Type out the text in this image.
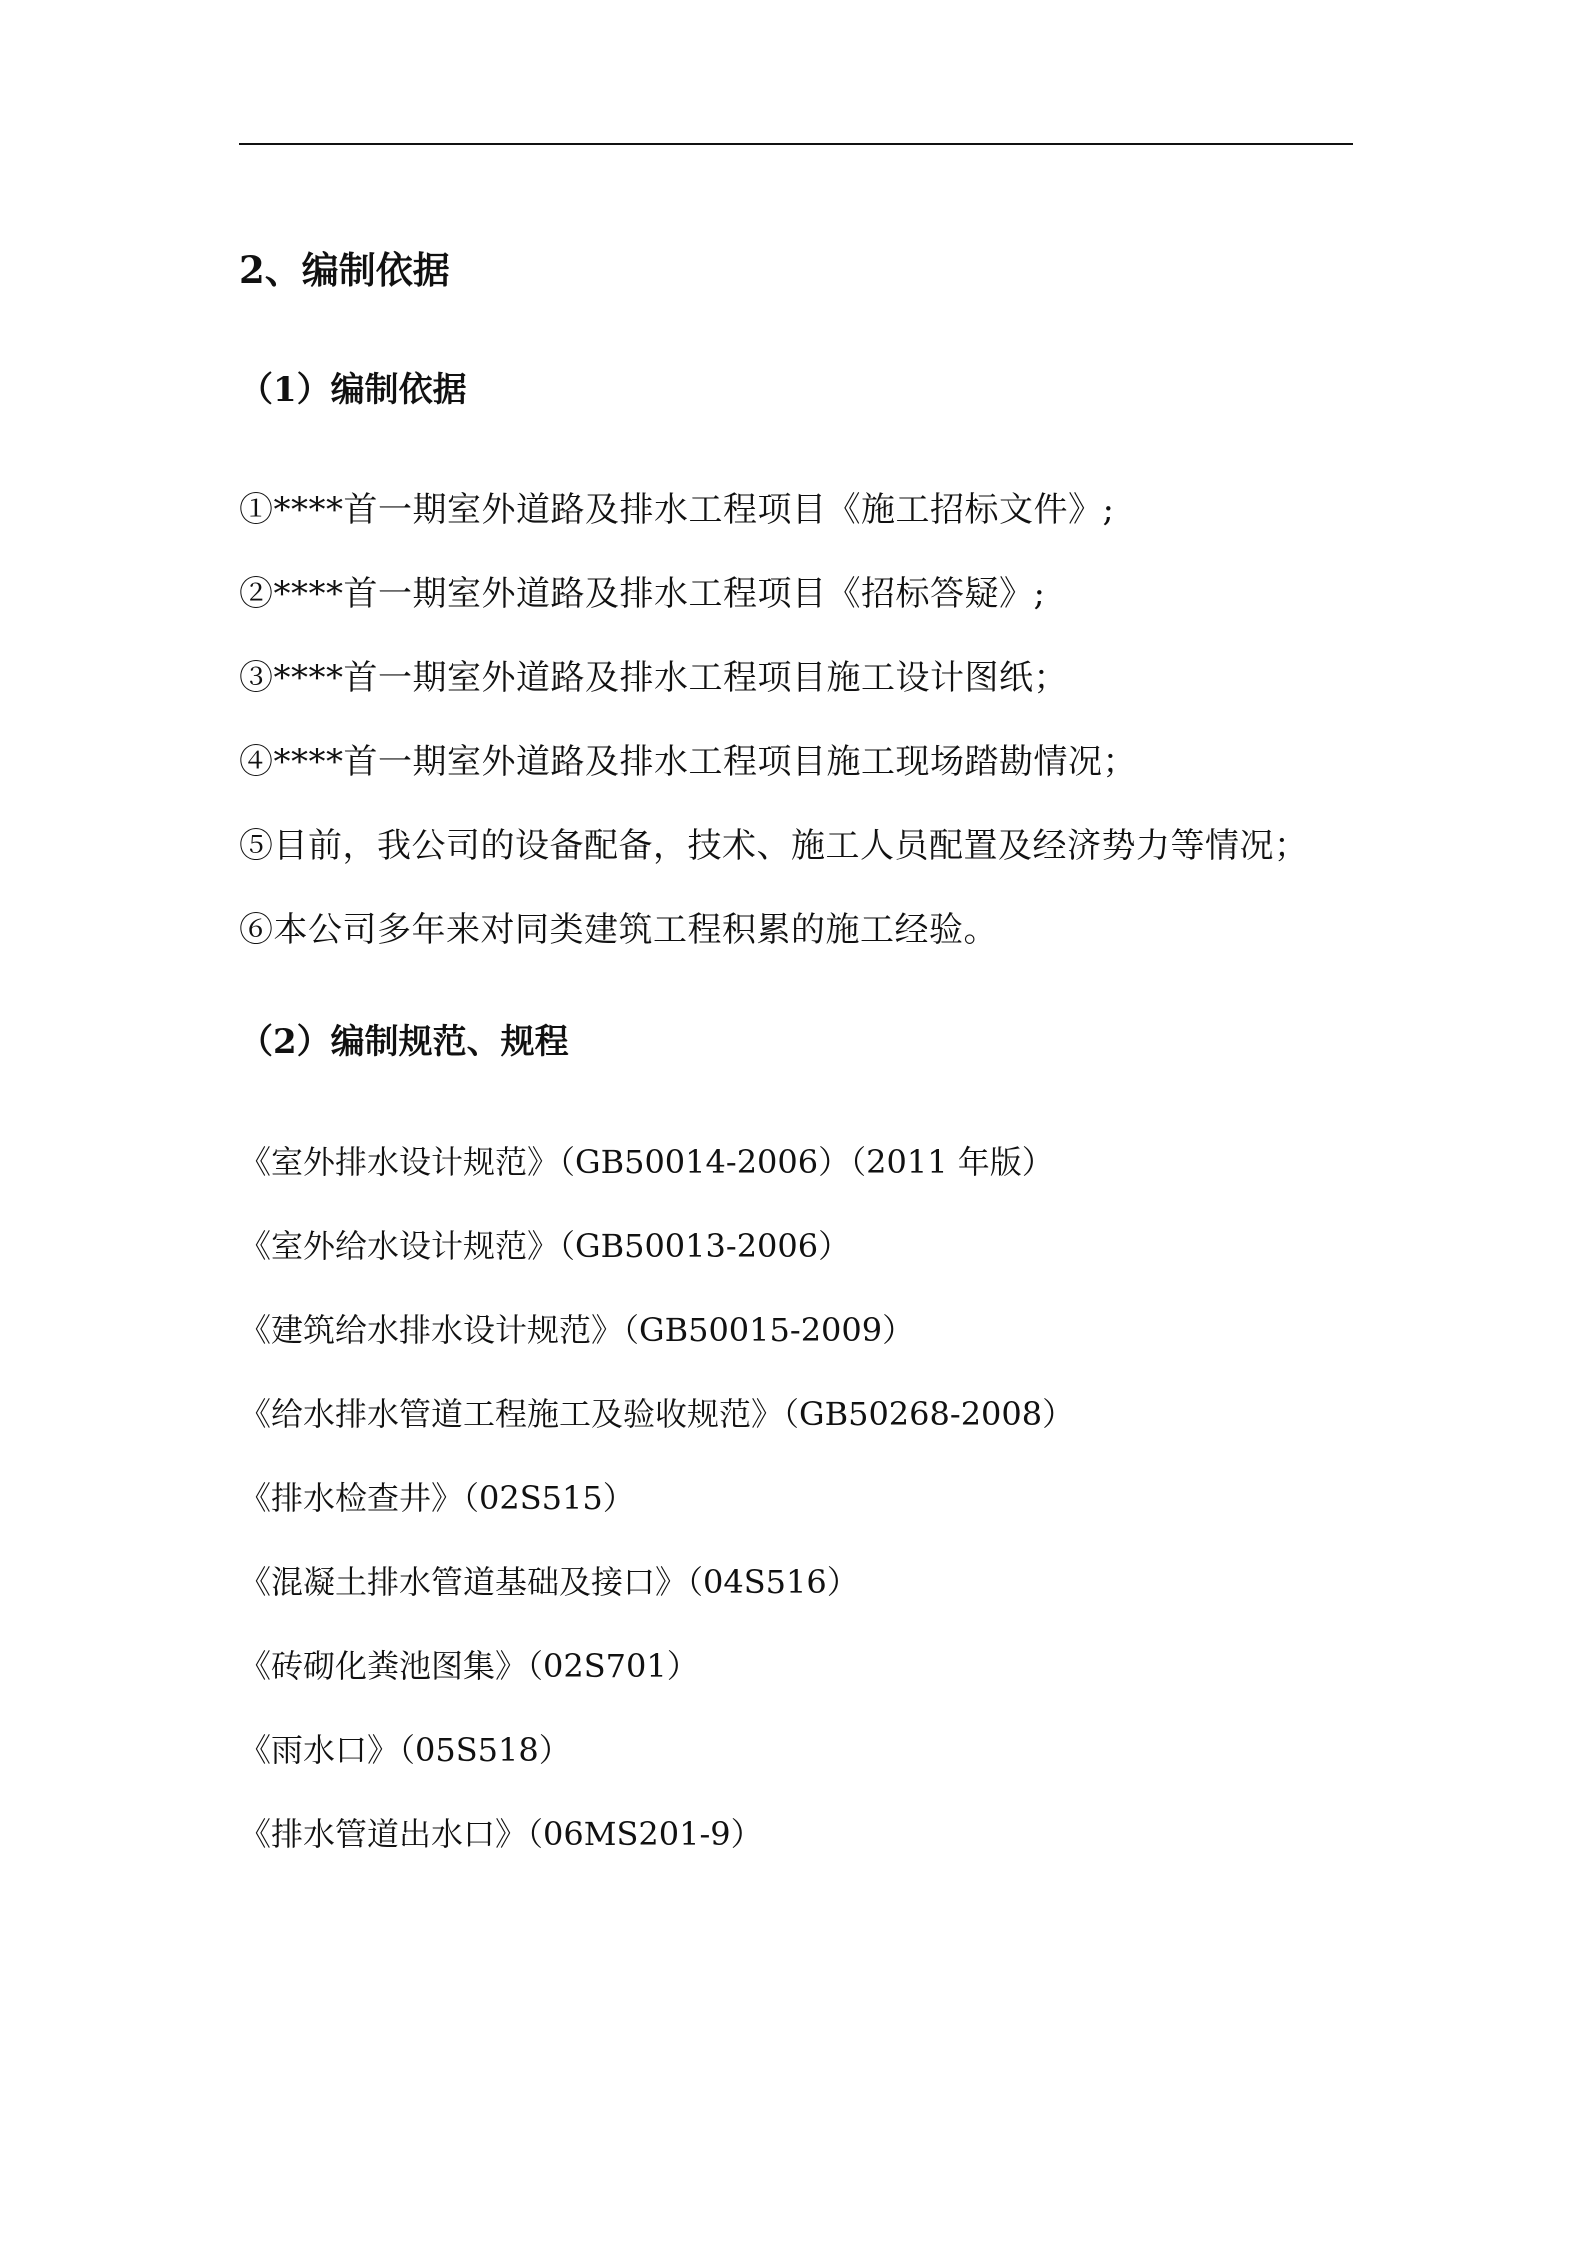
2、编制依据
（1）编制依据
①****首一期室外道路及排水工程项目《施工招标文件》;
②****首一期室外道路及排水工程项目《招标答疑》;
③****首一期室外道路及排水工程项目施工设计图纸；
④****首一期室外道路及排水工程项目施工现场踏勘情况；
⑤目前，我公司的设备配备，技术、施工人员配置及经济势力等情况；
⑥本公司多年来对同类建筑工程积累的施工经验。
（2）编制规范、规程
《室外排水设计规范》（GB50014-2006）（2011 年版）
《室外给水设计规范》（GB50013-2006）
《建筑给水排水设计规范》（GB50015-2009）
《给水排水管道工程施工及验收规范》（GB50268-2008）
《排水检查井》（02S515）
《混凝土排水管道基础及接口》（04S516）
《砖砌化粪池图集》（02S701）
《雨水口》（05S518）
《排水管道出水口》（06MS201-9）
